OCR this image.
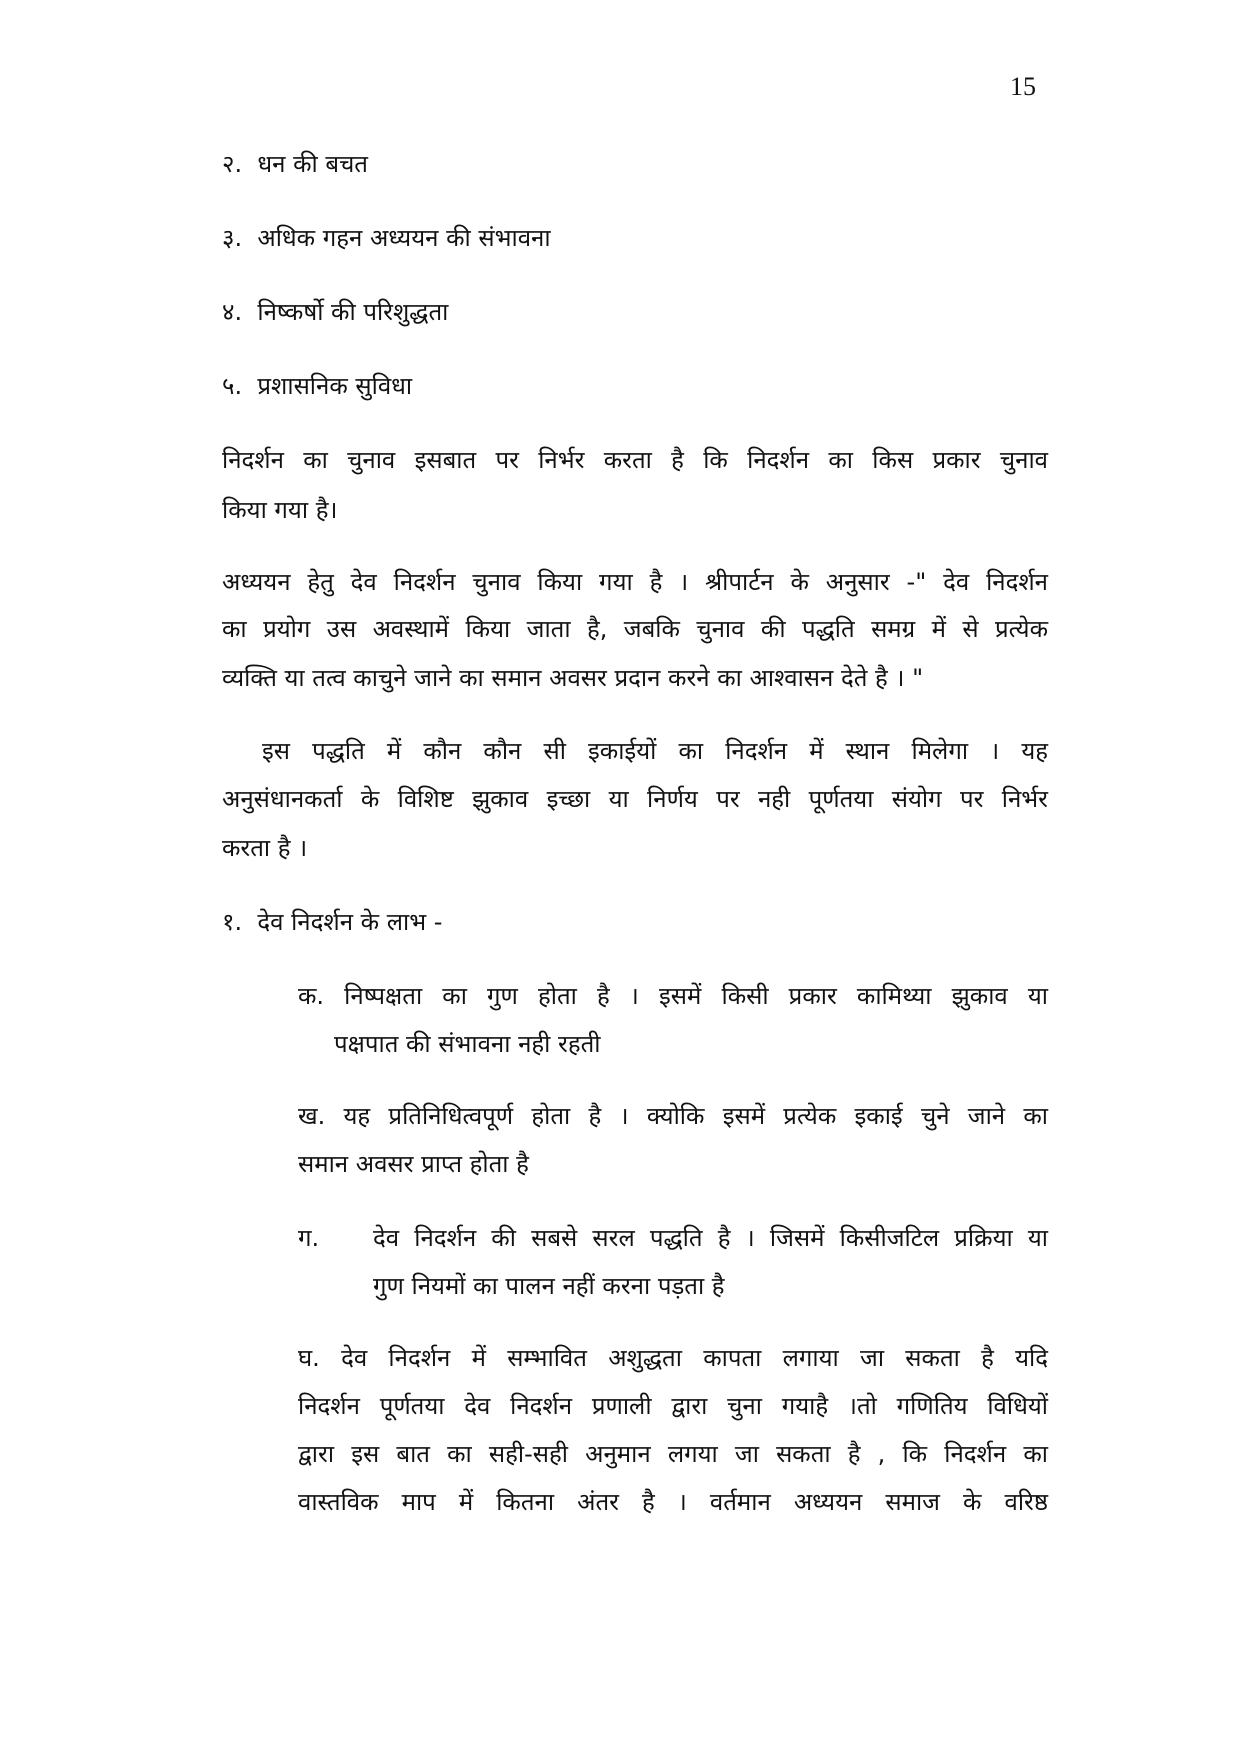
15
२. धन की बचत
३. अधिक गहन अध्ययन की संभावना
४. निष्कर्षो की परिशुद्धता
५. प्रशासनिक सुविधा
निदर्शन का चुनाव इसबात पर निर्भर करता है कि निदर्शन का किस प्रकार चुनाव
किया गया है।
अध्ययन हेतु देव निदर्शन चुनाव किया गया है । श्रीपार्टन के अनुसार -" देव निदर्शन
का प्रयोग उस अवस्थामें किया जाता है, जबकि चुनाव की पद्धति समग्र में से प्रत्येक
व्यक्ति या तत्व काचुने जाने का समान अवसर प्रदान करने का आश्वासन देते है । "
इस पद्धति में कौन कौन सी इकाईयों का निदर्शन में स्थान मिलेगा । यह
अनुसंधानकर्ता के विशिष्ट झुकाव इच्छा या निर्णय पर नही पूर्णतया संयोग पर निर्भर
करता है ।
१. देव निदर्शन के लाभ -
क. निष्पक्षता का गुण होता है । इसमें किसी प्रकार कामिथ्या झुकाव या
पक्षपात की संभावना नही रहती
ख. यह प्रतिनिधित्वपूर्ण होता है । क्योकि इसमें प्रत्येक इकाई चुने जाने का
समान अवसर प्राप्त होता है
ग. देव निदर्शन की सबसे सरल पद्धति है । जिसमें किसीजटिल प्रक्रिया या
गुण नियमों का पालन नहीं करना पड़ता है
घ. देव निदर्शन में सम्भावित अशुद्धता कापता लगाया जा सकता है यदि
निदर्शन पूर्णतया देव निदर्शन प्रणाली द्वारा चुना गयाहै ।तो गणितिय विधियों
द्वारा इस बात का सही-सही अनुमान लगया जा सकता है , कि निदर्शन का
वास्तविक माप में कितना अंतर है । वर्तमान अध्ययन समाज के वरिष्ठ
